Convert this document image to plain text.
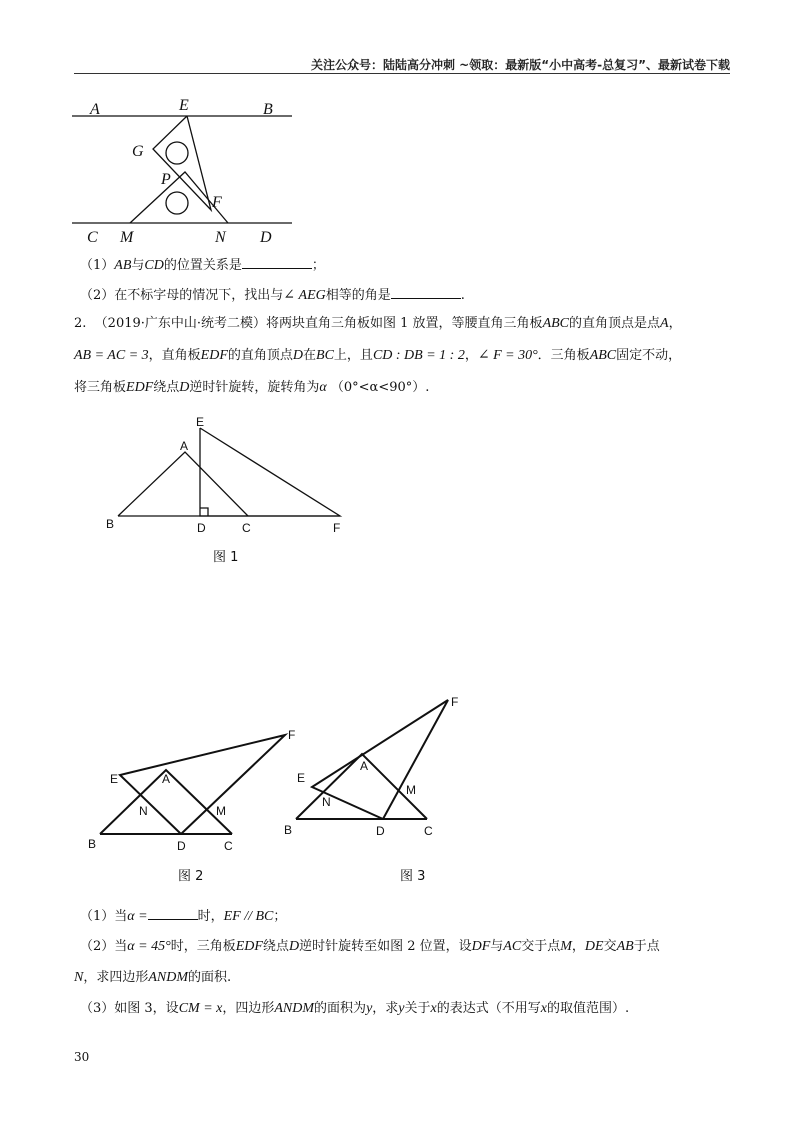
关注公众号：陆陆高分冲刺 ~领取：最新版“小中高考-总复习”、最新试卷下载
A	E	B
G
P
F
C M	N D
（1）AB与CD的位置关系是	；
（2）在不标字母的情况下，找出与∠ AEG相等的角是	.
2. （2019·广东中山·统考二模）将两块直角三角板如图 1 放置，等腰直角三角板ABC的直角顶点是点A，
AB = AC = 3，直角板EDF的直角顶点D在BC上，且CD : DB = 1 : 2，∠ F = 30°．三角板ABC固定不动，
将三角板EDF绕点D逆时针旋转，旋转角为α （0°<α<90°）.
A
E
B	D	C	F
图 1
E	A
F
N	M
B	D	C
图 2
F
A
E
M
N
B	D	C
图 3
（1）当α =	时，EF // BC；
（2）当α = 45°时，三角板EDF绕点D逆时针旋转至如图 2 位置，设DF与AC交于点M，DE交AB于点
N，求四边形ANDM的面积.
（3）如图 3，设CM = x，四边形ANDM的面积为y，求y关于x的表达式（不用写x的取值范围）.
30
